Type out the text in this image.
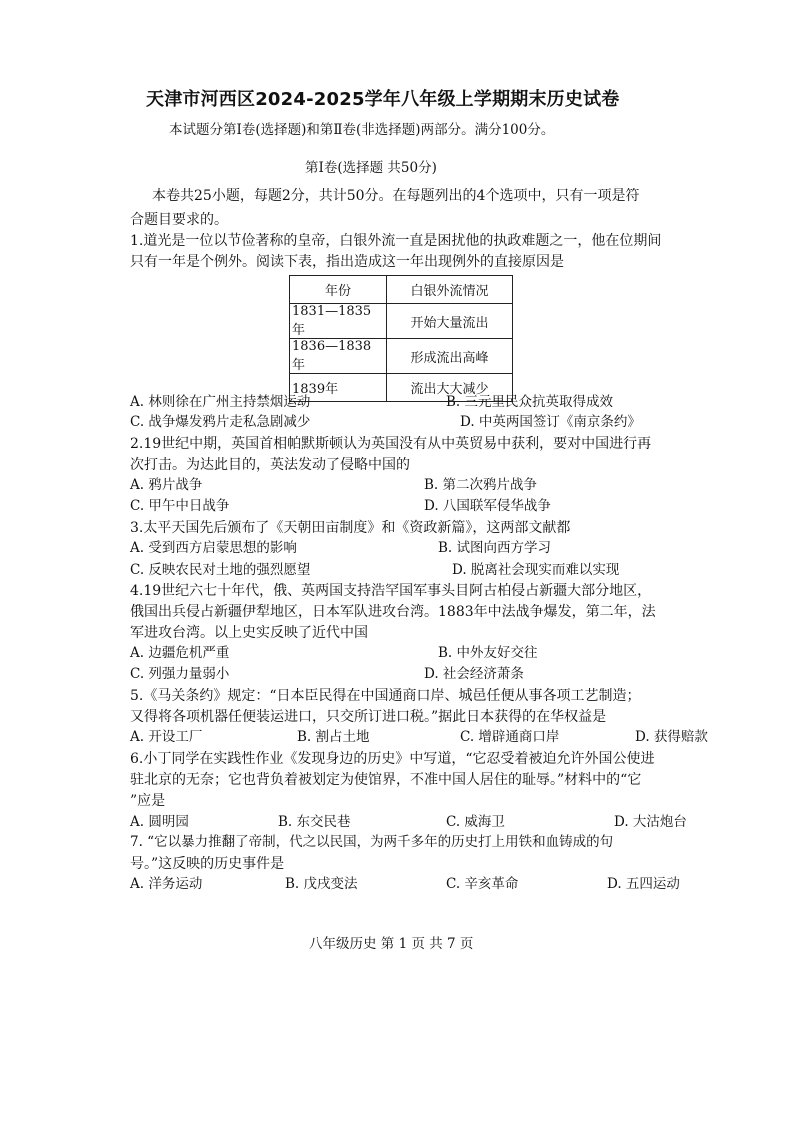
天津市河西区2024-2025学年八年级上学期期末历史试卷
本试题分第Ⅰ卷(选择题)和第Ⅱ卷(非选择题)两部分。满分100分。
第Ⅰ卷(选择题 共50分)
本卷共25小题，每题2分，共计50分。在每题列出的4个选项中，只有一项是符
合题目要求的。
1.道光是一位以节俭著称的皇帝，白银外流一直是困扰他的执政难题之一，他在位期间
只有一年是个例外。阅读下表，指出造成这一年出现例外的直接原因是
年份	白银外流情况
1831—1835年	开始大量流出
1836—1838年	形成流出高峰
1839年	流出大大减少
A. 林则徐在广州主持禁烟运动	B. 三元里民众抗英取得成效
C. 战争爆发鸦片走私急剧减少	D. 中英两国签订《南京条约》
2.19世纪中期，英国首相帕默斯顿认为英国没有从中英贸易中获利，要对中国进行再
次打击。为达此目的，英法发动了侵略中国的
A. 鸦片战争	B. 第二次鸦片战争
C. 甲午中日战争	D. 八国联军侵华战争
3.太平天国先后颁布了《天朝田亩制度》和《资政新篇》，这两部文献都
A. 受到西方启蒙思想的影响	B. 试图向西方学习
C. 反映农民对土地的强烈愿望	D. 脱离社会现实而难以实现
4.19世纪六七十年代，俄、英两国支持浩罕国军事头目阿古柏侵占新疆大部分地区，
俄国出兵侵占新疆伊犁地区，日本军队进攻台湾。1883年中法战争爆发，第二年，法
军进攻台湾。以上史实反映了近代中国
A. 边疆危机严重	B. 中外友好交往
C. 列强力量弱小	D. 社会经济萧条
5.《马关条约》规定：“日本臣民得在中国通商口岸、城邑任便从事各项工艺制造；
又得将各项机器任便装运进口，只交所订进口税。”据此日本获得的在华权益是
A. 开设工厂	B. 割占土地	C. 增辟通商口岸	D. 获得赔款
6.小丁同学在实践性作业《发现身边的历史》中写道，“它忍受着被迫允许外国公使进
驻北京的无奈；它也背负着被划定为使馆界，不准中国人居住的耻辱。”材料中的“它
”应是
A. 圆明园	B. 东交民巷	C. 威海卫	D. 大沽炮台
7. “它以暴力推翻了帝制，代之以民国，为两千多年的历史打上用铁和血铸成的句
号。”这反映的历史事件是
A. 洋务运动	B. 戊戌变法	C. 辛亥革命	D. 五四运动
八年级历史 第 1 页 共 7 页
